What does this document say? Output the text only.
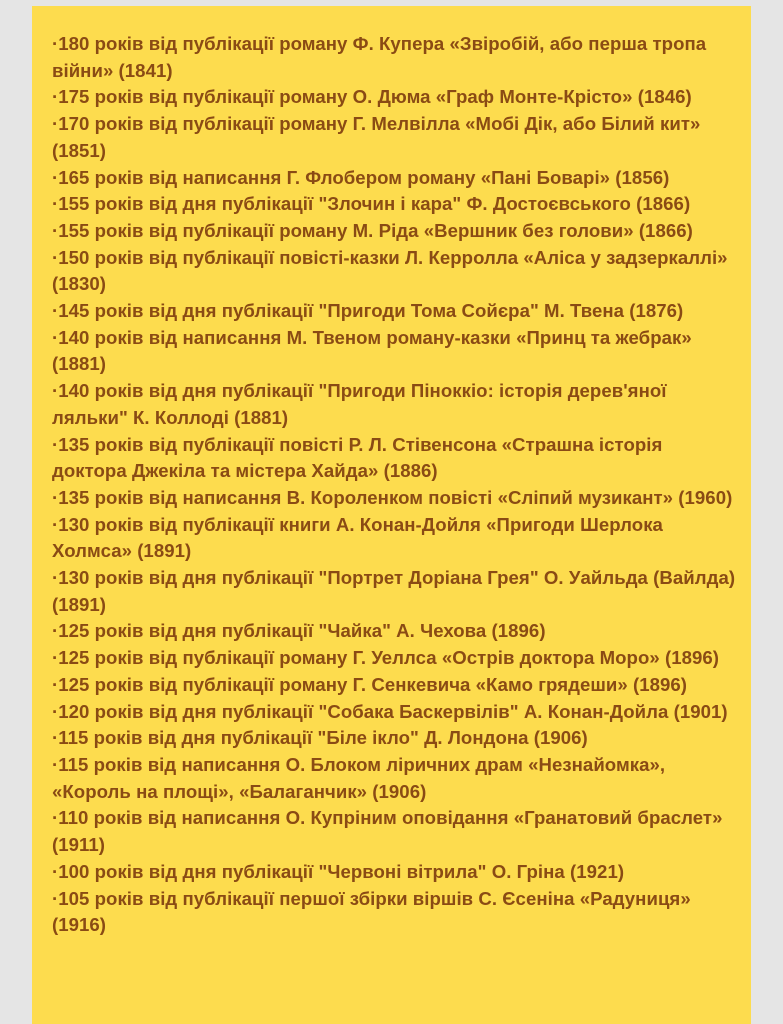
·180 років від публікації роману Ф. Купера «Звіробій, або перша тропа війни» (1841)

·175 років від публікації роману О. Дюма «Граф Монте-Крісто» (1846)

·170 років від публікації роману Г. Мелвілла «Мобі Дік, або Білий кит» (1851)

·165 років від написання Г. Флобером роману «Пані Боварі» (1856)

·155 років від дня публікації "Злочин і кара" Ф. Достоєвського (1866)

·155 років від публікації роману М. Ріда «Вершник без голови» (1866)

·150 років від публікації повісті-казки Л. Керролла «Аліса у задзеркаллі» (1830)

·145 років від дня публікації "Пригоди Тома Сойєра" М. Твена (1876)

·140 років від написання М. Твеном роману-казки «Принц та жебрак» (1881)

·140 років від дня публікації "Пригоди Піноккіо: історія дерев'яної ляльки" К. Коллоді (1881)

·135 років від публікації повісті Р. Л. Стівенсона «Страшна історія доктора Джекіла та містера Хайда» (1886)

·135 років від написання В. Короленком повісті «Сліпий музикант» (1960)

·130 років від публікації книги А. Конан-Дойля «Пригоди Шерлока Холмса» (1891)

·130 років від дня публікації "Портрет Доріана Грея" О. Уайльда (Вайлда) (1891)

·125 років від дня публікації "Чайка" А. Чехова (1896)

·125 років від публікації роману Г. Уеллса «Острів доктора Моро» (1896)

·125 років від публікації роману Г. Сенкевича «Камо грядеши» (1896)

·120 років від дня публікації "Собака Баскервілів" А. Конан-Дойла (1901)

·115 років від дня публікації "Біле ікло" Д. Лондона (1906)

·115 років від написання О. Блоком ліричних драм «Незнайомка», «Король на площі», «Балаганчик» (1906)

·110 років від написання О. Купріним оповідання «Гранатовий браслет» (1911)

·100 років від дня публікації "Червоні вітрила" О. Гріна (1921)

·105 років від публікації першої збірки віршів С. Єсеніна «Радуниця» (1916)
